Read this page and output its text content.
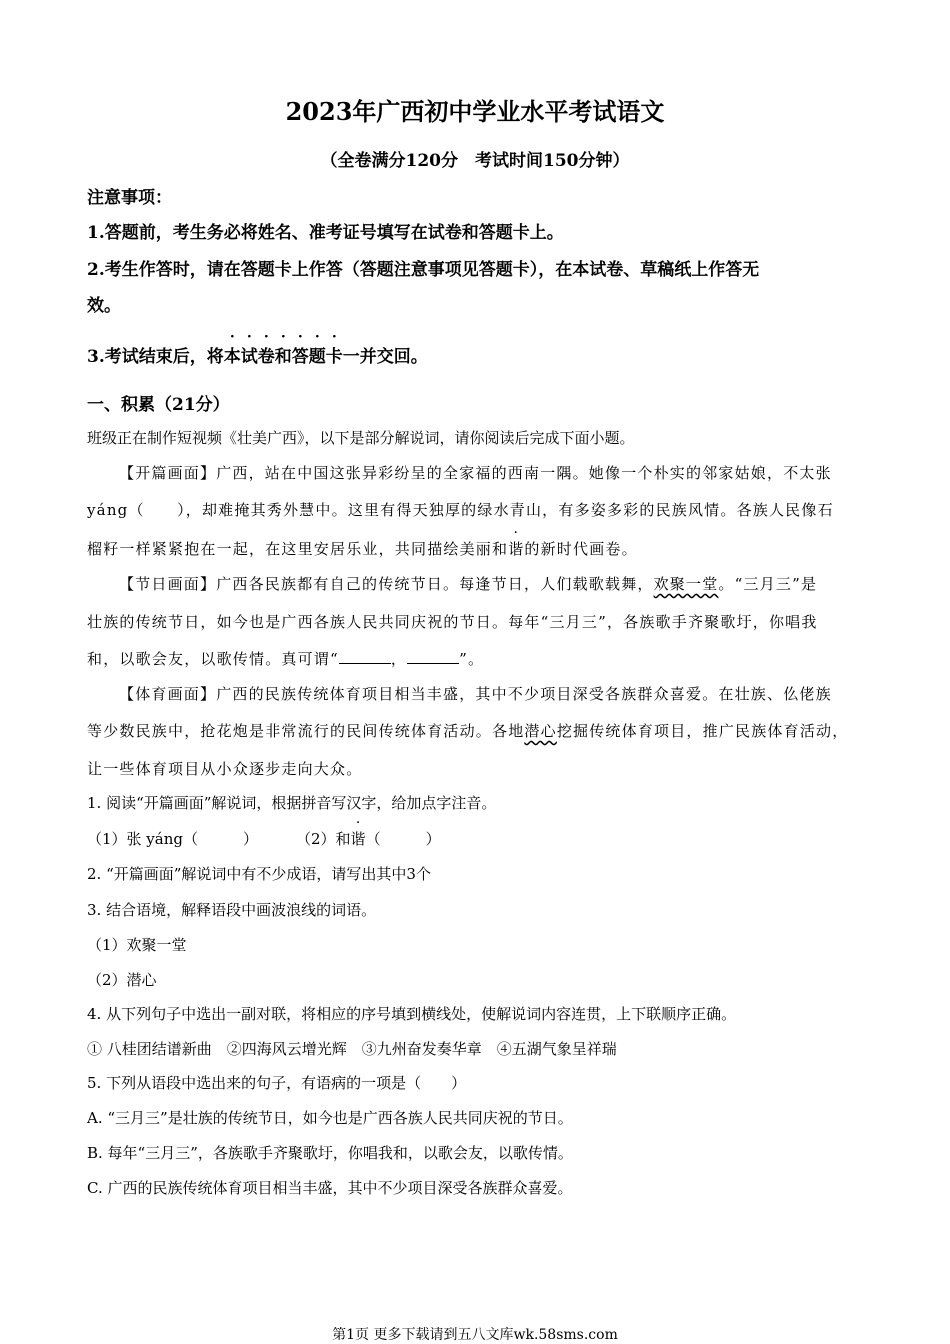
2023年广西初中学业水平考试语文
（全卷满分120分　考试时间150分钟）
注意事项：
1.答题前，考生务必将姓名、准考证号填写在试卷和答题卡上。
2.考生作答时，请在答题卡上作答（答题注意事项见答题卡），在本试卷、草稿纸上作答无
效。
3.考试结束后，将本试卷和答题卡一并交回。
一、积累（21分）
班级正在制作短视频《壮美广西》，以下是部分解说词，请你阅读后完成下面小题。
【开篇画面】广西，站在中国这张异彩纷呈的全家福的西南一隅。她像一个朴实的邻家姑娘，不太张
yáng（　　），却难掩其秀外慧中。这里有得天独厚的绿水青山，有多姿多彩的民族风情。各族人民像石
榴籽一样紧紧抱在一起，在这里安居乐业，共同描绘美丽和谐的新时代画卷。
【节日画面】广西各民族都有自己的传统节日。每逢节日，人们载歌载舞，欢聚一堂。“三月三”是
壮族的传统节日，如今也是广西各族人民共同庆祝的节日。每年“三月三”，各族歌手齐聚歌圩，你唱我
和，以歌会友，以歌传情。真可谓“	，	”。
【体育画面】广西的民族传统体育项目相当丰盛，其中不少项目深受各族群众喜爱。在壮族、仫佬族
等少数民族中，抢花炮是非常流行的民间传统体育活动。各地潜心挖掘传统体育项目，推广民族体育活动，
让一些体育项目从小众逐步走向大众。
1. 阅读“开篇画面”解说词，根据拼音写汉字，给加点字注音。
（1）张 yáng（　　　）	（2）和谐（　　　）
2. “开篇画面”解说词中有不少成语，请写出其中3个
3. 结合语境，解释语段中画波浪线的词语。
（1）欢聚一堂
（2）潜心
4. 从下列句子中选出一副对联，将相应的序号填到横线处，使解说词内容连贯，上下联顺序正确。
① 八桂团结谱新曲　②四海风云增光辉　③九州奋发奏华章　④五湖气象呈祥瑞
5. 下列从语段中选出来的句子，有语病的一项是（　　）
A. “三月三”是壮族的传统节日，如今也是广西各族人民共同庆祝的节日。
B. 每年“三月三”，各族歌手齐聚歌圩，你唱我和，以歌会友，以歌传情。
C. 广西的民族传统体育项目相当丰盛，其中不少项目深受各族群众喜爱。
第1页 更多下载请到五八文库wk.58sms.com
